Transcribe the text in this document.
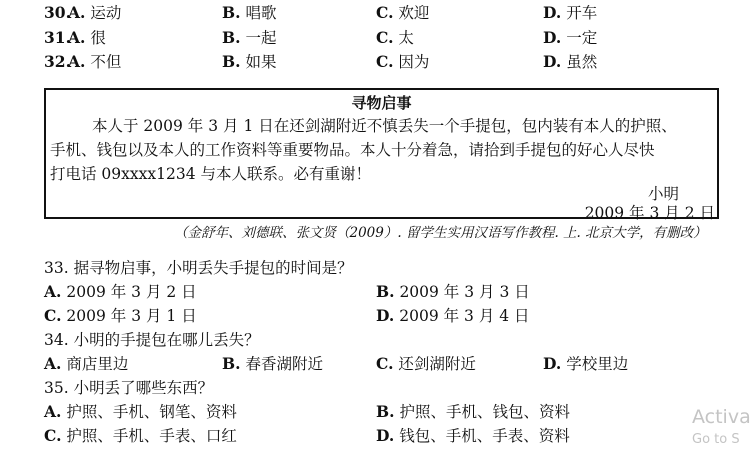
30.
A. 运动	B. 唱歌	C. 欢迎	D. 开车
31.
A. 很	B. 一起	C. 太	D. 一定
32.
A. 不但	B. 如果	C. 因为	D. 虽然
寻物启事
本人于 2009 年 3 月 1 日在还剑湖附近不慎丢失一个手提包，包内装有本人的护照、
手机、钱包以及本人的工作资料等重要物品。本人十分着急，请拾到手提包的好心人尽快
打电话 09xxxx1234 与本人联系。必有重谢！
小明
2009 年 3 月 2 日
（金舒年、刘德联、张文贤（2009）. 留学生实用汉语写作教程. 上. 北京大学，有删改）
33. 据寻物启事，小明丢失手提包的时间是？
A. 2009 年 3 月 2 日	B. 2009 年 3 月 3 日
C. 2009 年 3 月 1 日	D. 2009 年 3 月 4 日
34. 小明的手提包在哪儿丢失？
A. 商店里边	B. 春香湖附近	C. 还剑湖附近	D. 学校里边
35. 小明丢了哪些东西？
A. 护照、手机、钢笔、资料	B. 护照、手机、钱包、资料
C. 护照、手机、手表、口红	D. 钱包、手机、手表、资料
Activa
Go to S
